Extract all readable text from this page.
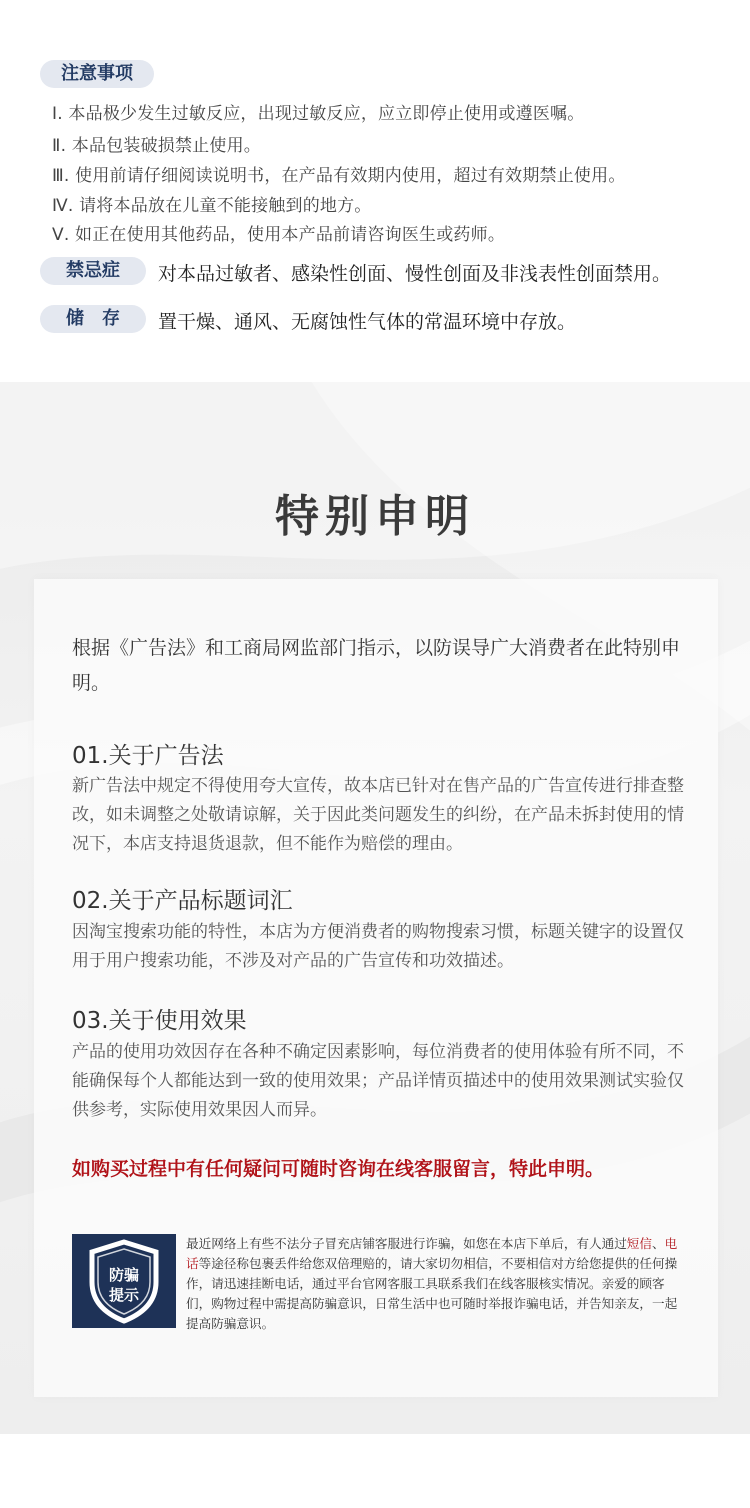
注意事项
Ⅰ. 本品极少发生过敏反应，出现过敏反应，应立即停止使用或遵医嘱。
Ⅱ. 本品包装破损禁止使用。
Ⅲ. 使用前请仔细阅读说明书，在产品有效期内使用，超过有效期禁止使用。
Ⅳ. 请将本品放在儿童不能接触到的地方。
Ⅴ. 如正在使用其他药品，使用本产品前请咨询医生或药师。
禁忌症	对本品过敏者、感染性创面、慢性创面及非浅表性创面禁用。
储　存	置干燥、通风、无腐蚀性气体的常温环境中存放。
特别申明
根据《广告法》和工商局网监部门指示，以防误导广大消费者在此特别申明。
01.关于广告法
新广告法中规定不得使用夸大宣传，故本店已针对在售产品的广告宣传进行排查整改，如未调整之处敬请谅解，关于因此类问题发生的纠纷，在产品未拆封使用的情况下，本店支持退货退款，但不能作为赔偿的理由。
02.关于产品标题词汇
因淘宝搜索功能的特性，本店为方便消费者的购物搜索习惯，标题关键字的设置仅用于用户搜索功能，不涉及对产品的广告宣传和功效描述。
03.关于使用效果
产品的使用功效因存在各种不确定因素影响，每位消费者的使用体验有所不同，不能确保每个人都能达到一致的使用效果；产品详情页描述中的使用效果测试实验仅供参考，实际使用效果因人而异。
如购买过程中有任何疑问可随时咨询在线客服留言，特此申明。
防骗
提示
最近网络上有些不法分子冒充店铺客服进行诈骗，如您在本店下单后，有人通过短信、电话等途径称包裹丢件给您双倍理赔的，请大家切勿相信，不要相信对方给您提供的任何操作，请迅速挂断电话，通过平台官网客服工具联系我们在线客服核实情况。亲爱的顾客们，购物过程中需提高防骗意识，日常生活中也可随时举报诈骗电话，并告知亲友，一起提高防骗意识。
